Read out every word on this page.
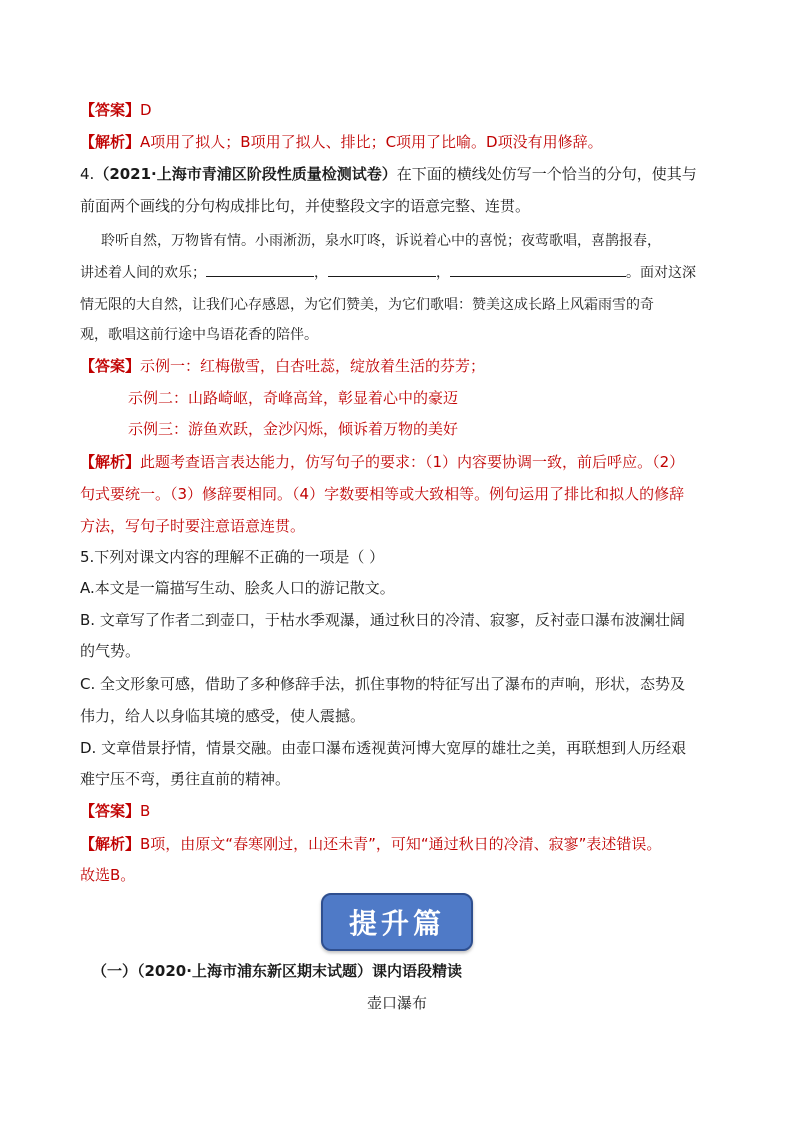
【答案】D
【解析】A项用了拟人；B项用了拟人、排比；C项用了比喻。D项没有用修辞。
4.（2021·上海市青浦区阶段性质量检测试卷）在下面的横线处仿写一个恰当的分句，使其与
前面两个画线的分句构成排比句，并使整段文字的语意完整、连贯。
聆听自然，万物皆有情。小雨淅沥，泉水叮咚，诉说着心中的喜悦；夜莺歌唱，喜鹊报春，
讲述着人间的欢乐；	，	，	。面对这深
情无限的大自然，让我们心存感恩，为它们赞美，为它们歌唱：赞美这成长路上风霜雨雪的奇
观，歌唱这前行途中鸟语花香的陪伴。
【答案】示例一：红梅傲雪，白杏吐蕊，绽放着生活的芬芳；
示例二：山路崎岖，奇峰高耸，彰显着心中的豪迈
示例三：游鱼欢跃，金沙闪烁，倾诉着万物的美好
【解析】此题考查语言表达能力，仿写句子的要求：（1）内容要协调一致，前后呼应。（2）
句式要统一。（3）修辞要相同。（4）字数要相等或大致相等。例句运用了排比和拟人的修辞
方法，写句子时要注意语意连贯。
5.下列对课文内容的理解不正确的一项是（ ）
A.本文是一篇描写生动、脍炙人口的游记散文。
B. 文章写了作者二到壶口，于枯水季观瀑，通过秋日的冷清、寂寥，反衬壶口瀑布波澜壮阔
的气势。
C. 全文形象可感，借助了多种修辞手法，抓住事物的特征写出了瀑布的声响，形状，态势及
伟力，给人以身临其境的感受，使人震撼。
D. 文章借景抒情，情景交融。由壶口瀑布透视黄河博大宽厚的雄壮之美，再联想到人历经艰
难宁压不弯，勇往直前的精神。
【答案】B
【解析】B项，由原文“春寒刚过，山还未青”，可知“通过秋日的冷清、寂寥”表述错误。
故选B。
提升篇
（一）（2020·上海市浦东新区期末试题）课内语段精读
壶口瀑布
